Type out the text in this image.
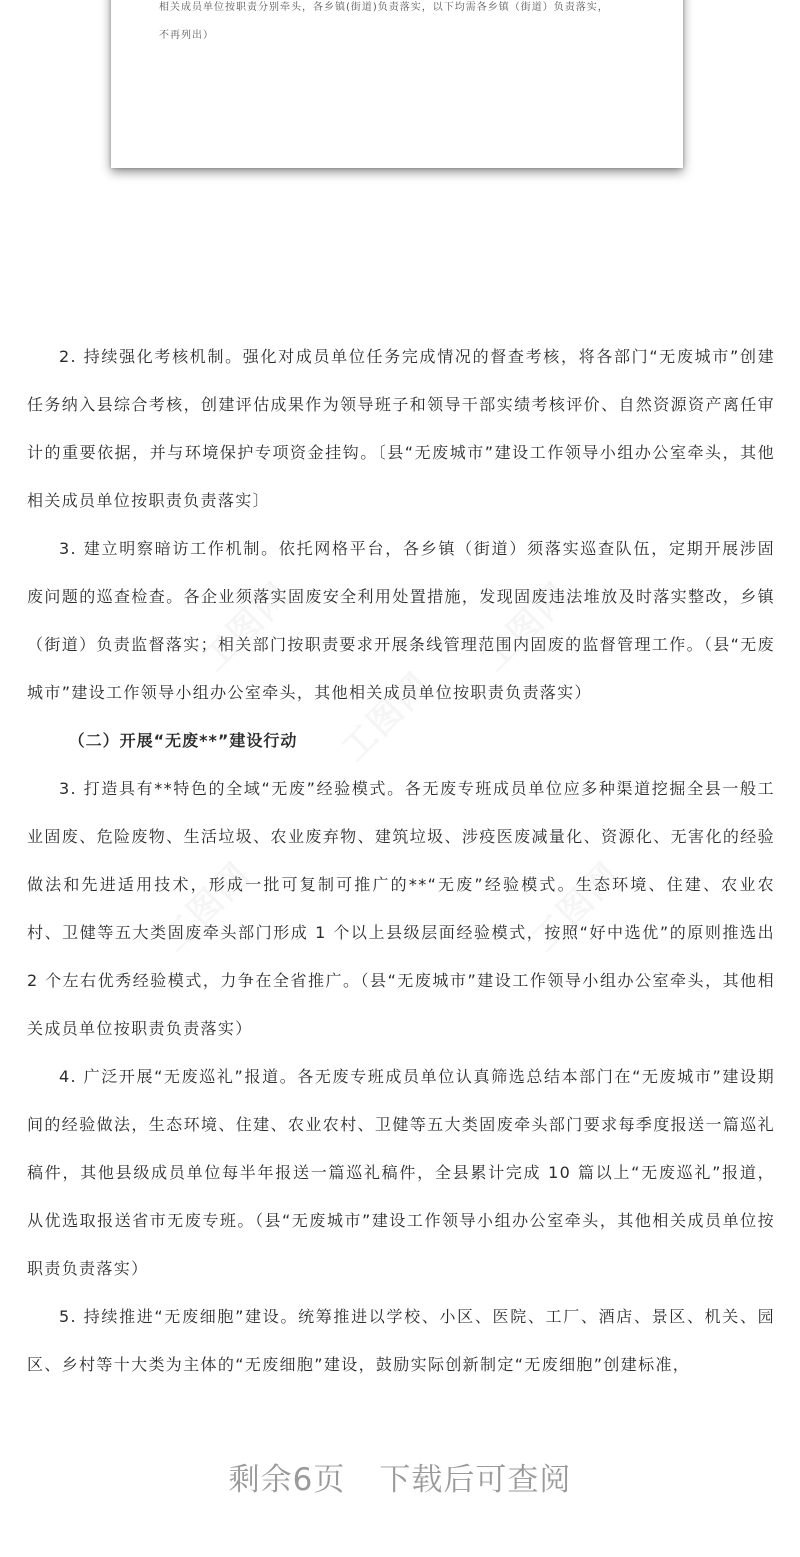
相关成员单位按职责分别牵头，各乡镇(街道)负责落实，以下均需各乡镇（街道）负责落实，
不再列出）
工图网	工图网
工图网
工图网	工图网

2. 持续强化考核机制。强化对成员单位任务完成情况的督查考核，将各部门“无废城市”创建任务纳入县综合考核，创建评估成果作为领导班子和领导干部实绩考核评价、自然资源资产离任审计的重要依据，并与环境保护专项资金挂钩。〔县“无废城市”建设工作领导小组办公室牵头，其他相关成员单位按职责负责落实〕

3. 建立明察暗访工作机制。依托网格平台，各乡镇（街道）须落实巡查队伍，定期开展涉固废问题的巡查检查。各企业须落实固废安全利用处置措施，发现固废违法堆放及时落实整改，乡镇（街道）负责监督落实；相关部门按职责要求开展条线管理范围内固废的监督管理工作。（县“无废城市”建设工作领导小组办公室牵头，其他相关成员单位按职责负责落实）

（二）开展“无废**”建设行动

3. 打造具有**特色的全域“无废”经验模式。各无废专班成员单位应多种渠道挖掘全县一般工业固废、危险废物、生活垃圾、农业废弃物、建筑垃圾、涉疫医废减量化、资源化、无害化的经验做法和先进适用技术，形成一批可复制可推广的**“无废”经验模式。生态环境、住建、农业农村、卫健等五大类固废牵头部门形成 1 个以上县级层面经验模式，按照“好中选优”的原则推选出 2 个左右优秀经验模式，力争在全省推广。（县“无废城市”建设工作领导小组办公室牵头，其他相关成员单位按职责负责落实）

4. 广泛开展“无废巡礼”报道。各无废专班成员单位认真筛选总结本部门在“无废城市”建设期间的经验做法，生态环境、住建、农业农村、卫健等五大类固废牵头部门要求每季度报送一篇巡礼稿件，其他县级成员单位每半年报送一篇巡礼稿件，全县累计完成 10 篇以上“无废巡礼”报道，从优选取报送省市无废专班。（县“无废城市”建设工作领导小组办公室牵头，其他相关成员单位按职责负责落实）

5. 持续推进“无废细胞”建设。统筹推进以学校、小区、医院、工厂、酒店、景区、机关、园区、乡村等十大类为主体的“无废细胞”建设，鼓励实际创新制定“无废细胞”创建标准，

剩余6页 下载后可查阅
